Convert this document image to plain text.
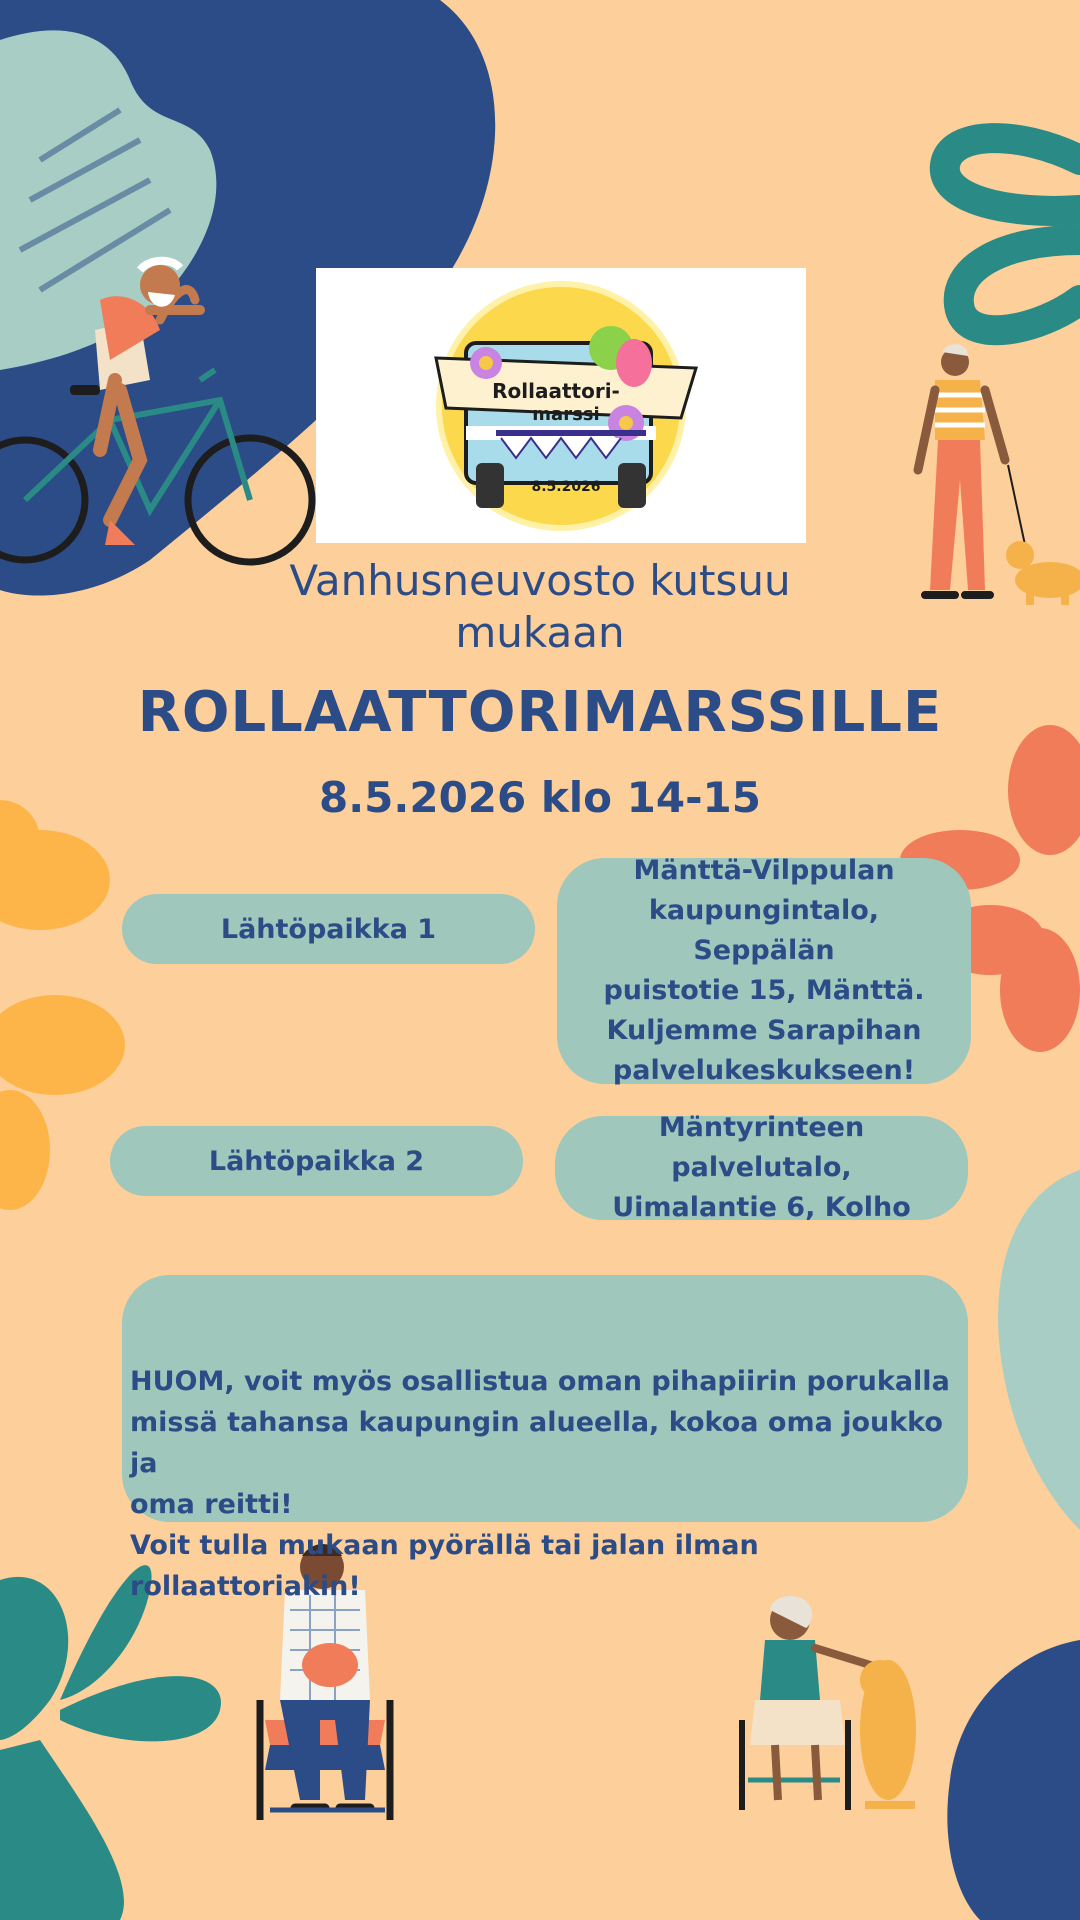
Rollaattori-
marssi
8.5.2026
Vanhusneuvosto kutsuu
mukaan
ROLLAATTORIMARSSILLE
8.5.2026 klo 14-15
Lähtöpaikka 1
Mänttä-Vilppulan
kaupungintalo, Seppälän
puistotie 15, Mänttä.
Kuljemme Sarapihan
palvelukeskukseen!
Lähtöpaikka 2
Mäntyrinteen palvelutalo,
Uimalantie 6, Kolho

HUOM, voit myös osallistua oman pihapiirin porukalla
missä tahansa kaupungin alueella, kokoa oma joukko ja
oma reitti!
Voit tulla mukaan pyörällä tai jalan ilman rollaattoriakin!
